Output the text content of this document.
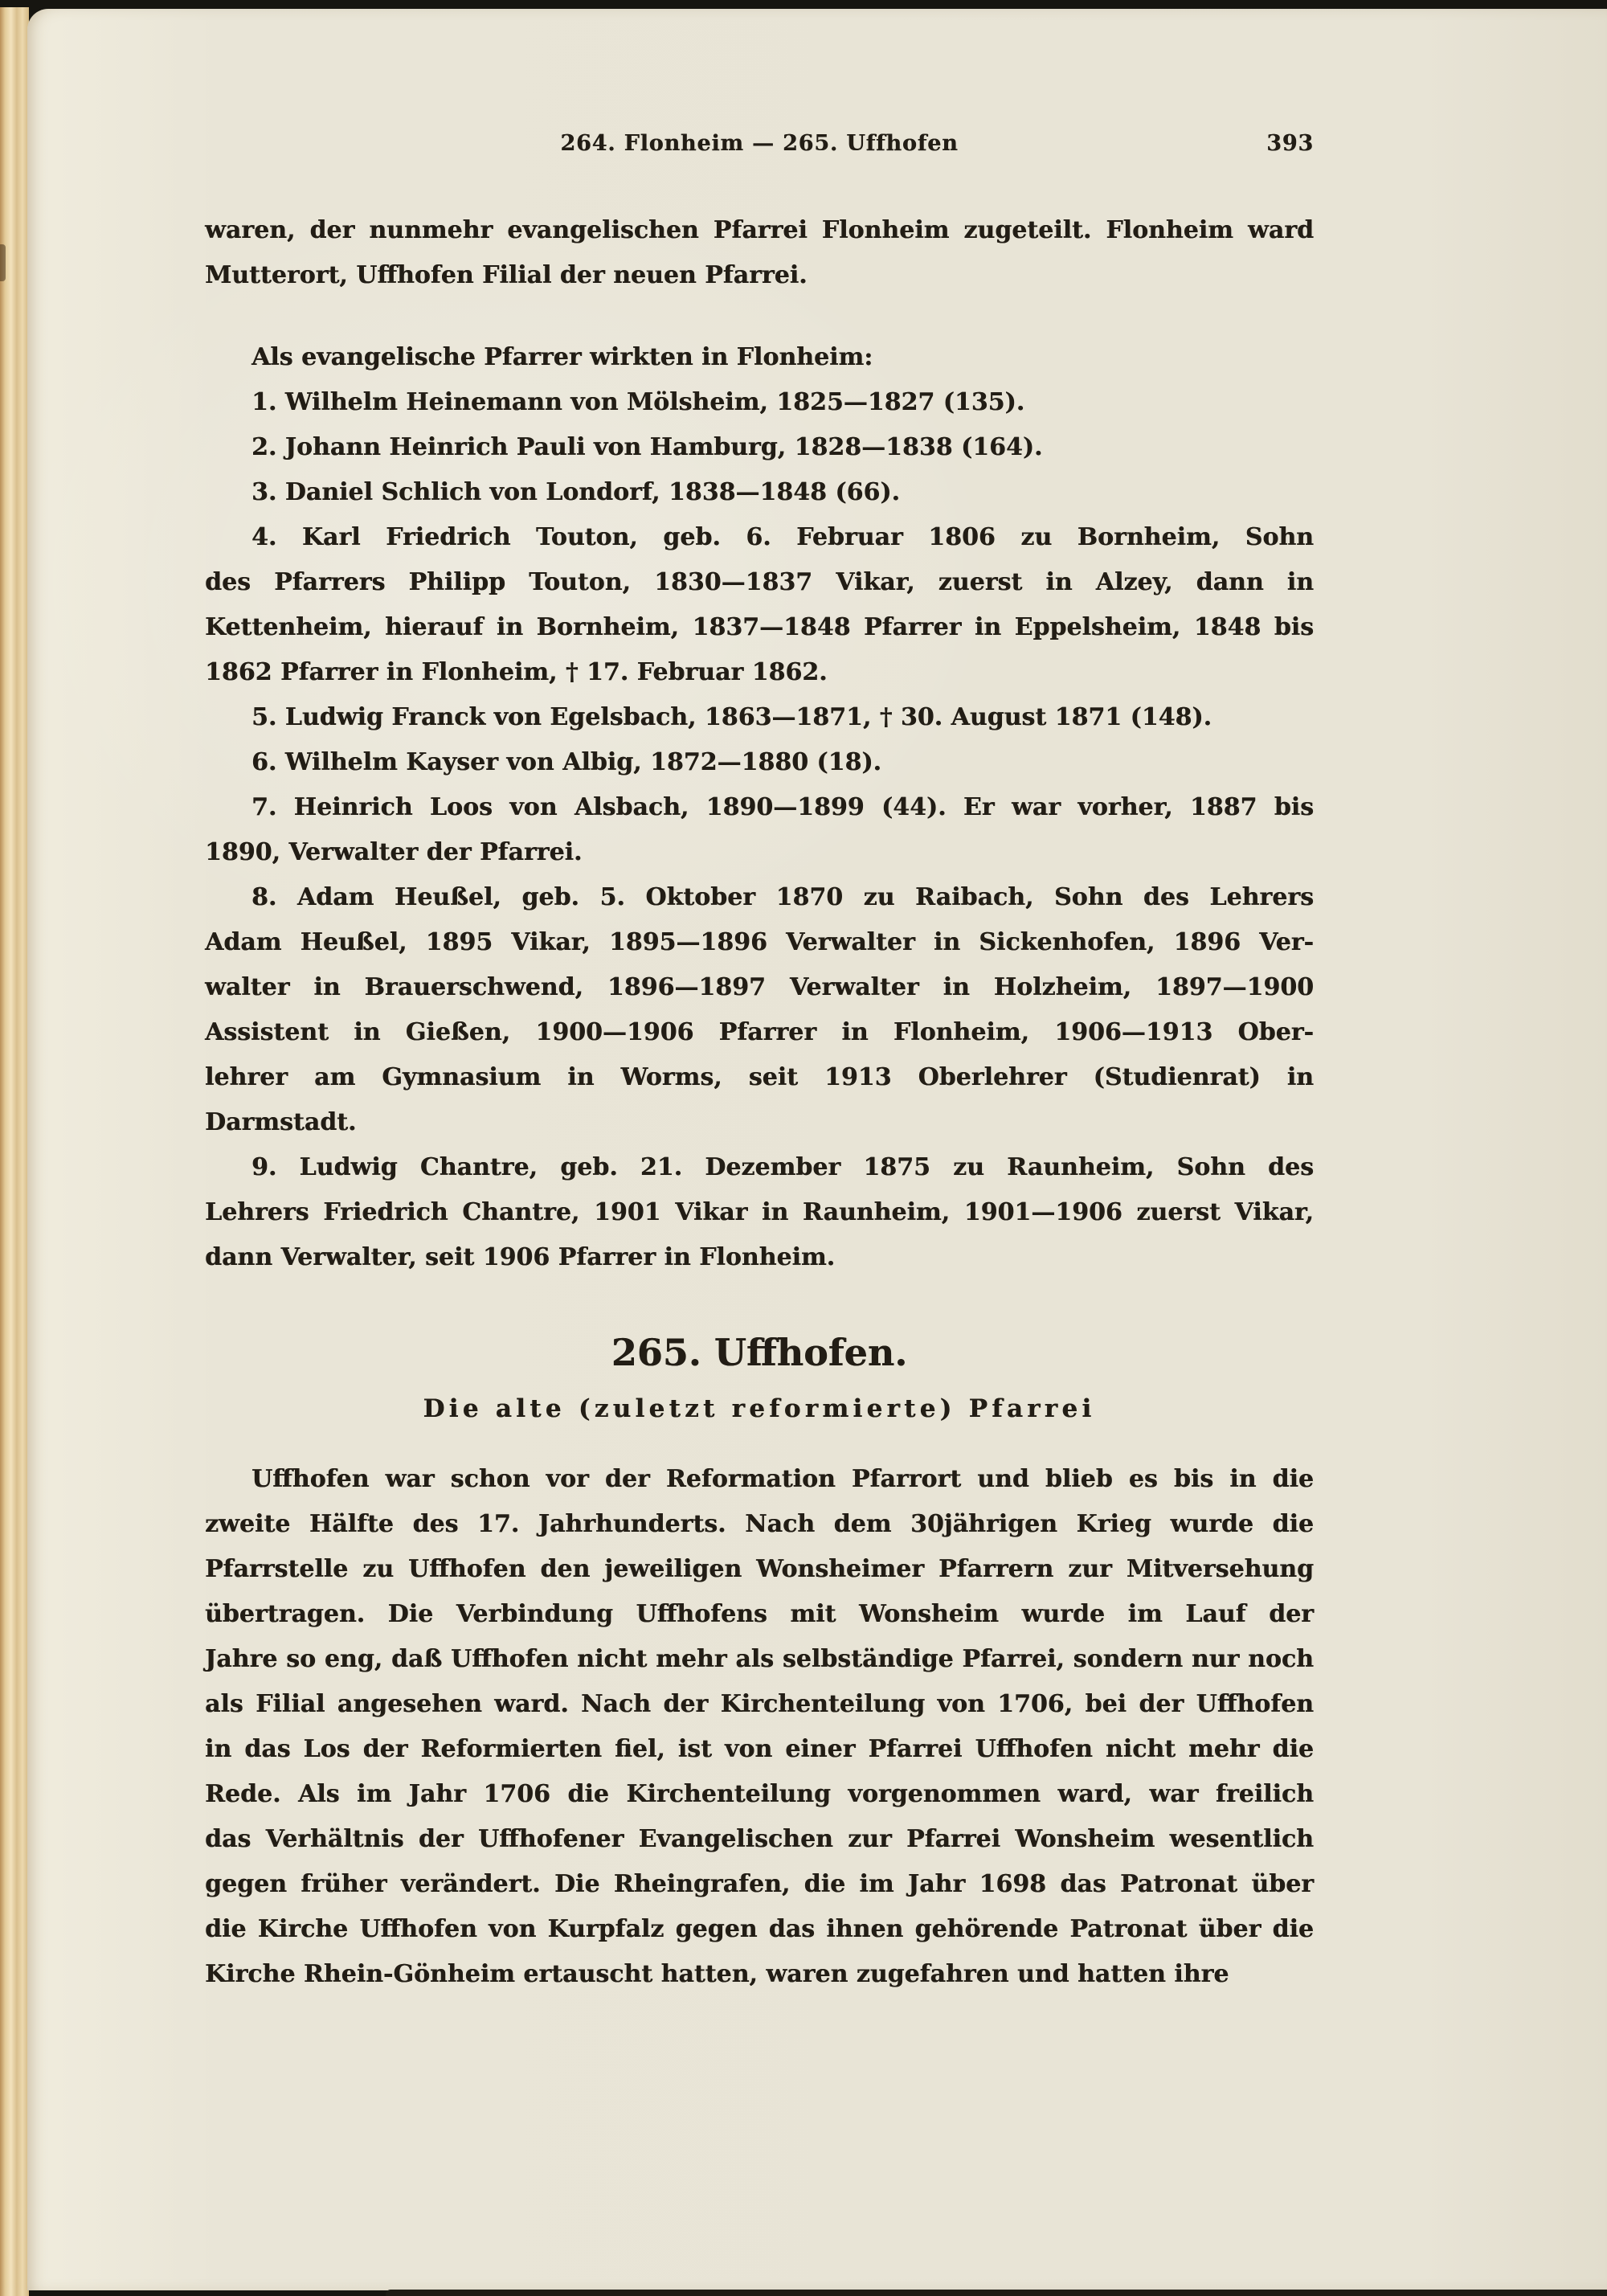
264. Flonheim — 265. Uffhofen	393
waren, der nunmehr evangelischen Pfarrei Flonheim zugeteilt. Flonheim ward
Mutterort, Uffhofen Filial der neuen Pfarrei.
Als evangelische Pfarrer wirkten in Flonheim:
1. Wilhelm Heinemann von Mölsheim, 1825—1827 (135).
2. Johann Heinrich Pauli von Hamburg, 1828—1838 (164).
3. Daniel Schlich von Londorf, 1838—1848 (66).
4. Karl Friedrich Touton, geb. 6. Februar 1806 zu Bornheim, Sohn
des Pfarrers Philipp Touton, 1830—1837 Vikar, zuerst in Alzey, dann in
Kettenheim, hierauf in Bornheim, 1837—1848 Pfarrer in Eppelsheim, 1848 bis
1862 Pfarrer in Flonheim, † 17. Februar 1862.
5. Ludwig Franck von Egelsbach, 1863—1871, † 30. August 1871 (148).
6. Wilhelm Kayser von Albig, 1872—1880 (18).
7. Heinrich Loos von Alsbach, 1890—1899 (44). Er war vorher, 1887 bis
1890, Verwalter der Pfarrei.
8. Adam Heußel, geb. 5. Oktober 1870 zu Raibach, Sohn des Lehrers
Adam Heußel, 1895 Vikar, 1895—1896 Verwalter in Sickenhofen, 1896 Ver-
walter in Brauerschwend, 1896—1897 Verwalter in Holzheim, 1897—1900
Assistent in Gießen, 1900—1906 Pfarrer in Flonheim, 1906—1913 Ober-
lehrer am Gymnasium in Worms, seit 1913 Oberlehrer (Studienrat) in
Darmstadt.
9. Ludwig Chantre, geb. 21. Dezember 1875 zu Raunheim, Sohn des
Lehrers Friedrich Chantre, 1901 Vikar in Raunheim, 1901—1906 zuerst Vikar,
dann Verwalter, seit 1906 Pfarrer in Flonheim.
265. Uffhofen.
Die alte (zuletzt reformierte) Pfarrei
Uffhofen war schon vor der Reformation Pfarrort und blieb es bis in die
zweite Hälfte des 17. Jahrhunderts. Nach dem 30jährigen Krieg wurde die
Pfarrstelle zu Uffhofen den jeweiligen Wonsheimer Pfarrern zur Mitversehung
übertragen. Die Verbindung Uffhofens mit Wonsheim wurde im Lauf der
Jahre so eng, daß Uffhofen nicht mehr als selbständige Pfarrei, sondern nur noch
als Filial angesehen ward. Nach der Kirchenteilung von 1706, bei der Uffhofen
in das Los der Reformierten fiel, ist von einer Pfarrei Uffhofen nicht mehr die
Rede. Als im Jahr 1706 die Kirchenteilung vorgenommen ward, war freilich
das Verhältnis der Uffhofener Evangelischen zur Pfarrei Wonsheim wesentlich
gegen früher verändert. Die Rheingrafen, die im Jahr 1698 das Patronat über
die Kirche Uffhofen von Kurpfalz gegen das ihnen gehörende Patronat über die
Kirche Rhein-Gönheim ertauscht hatten, waren zugefahren und hatten ihre
